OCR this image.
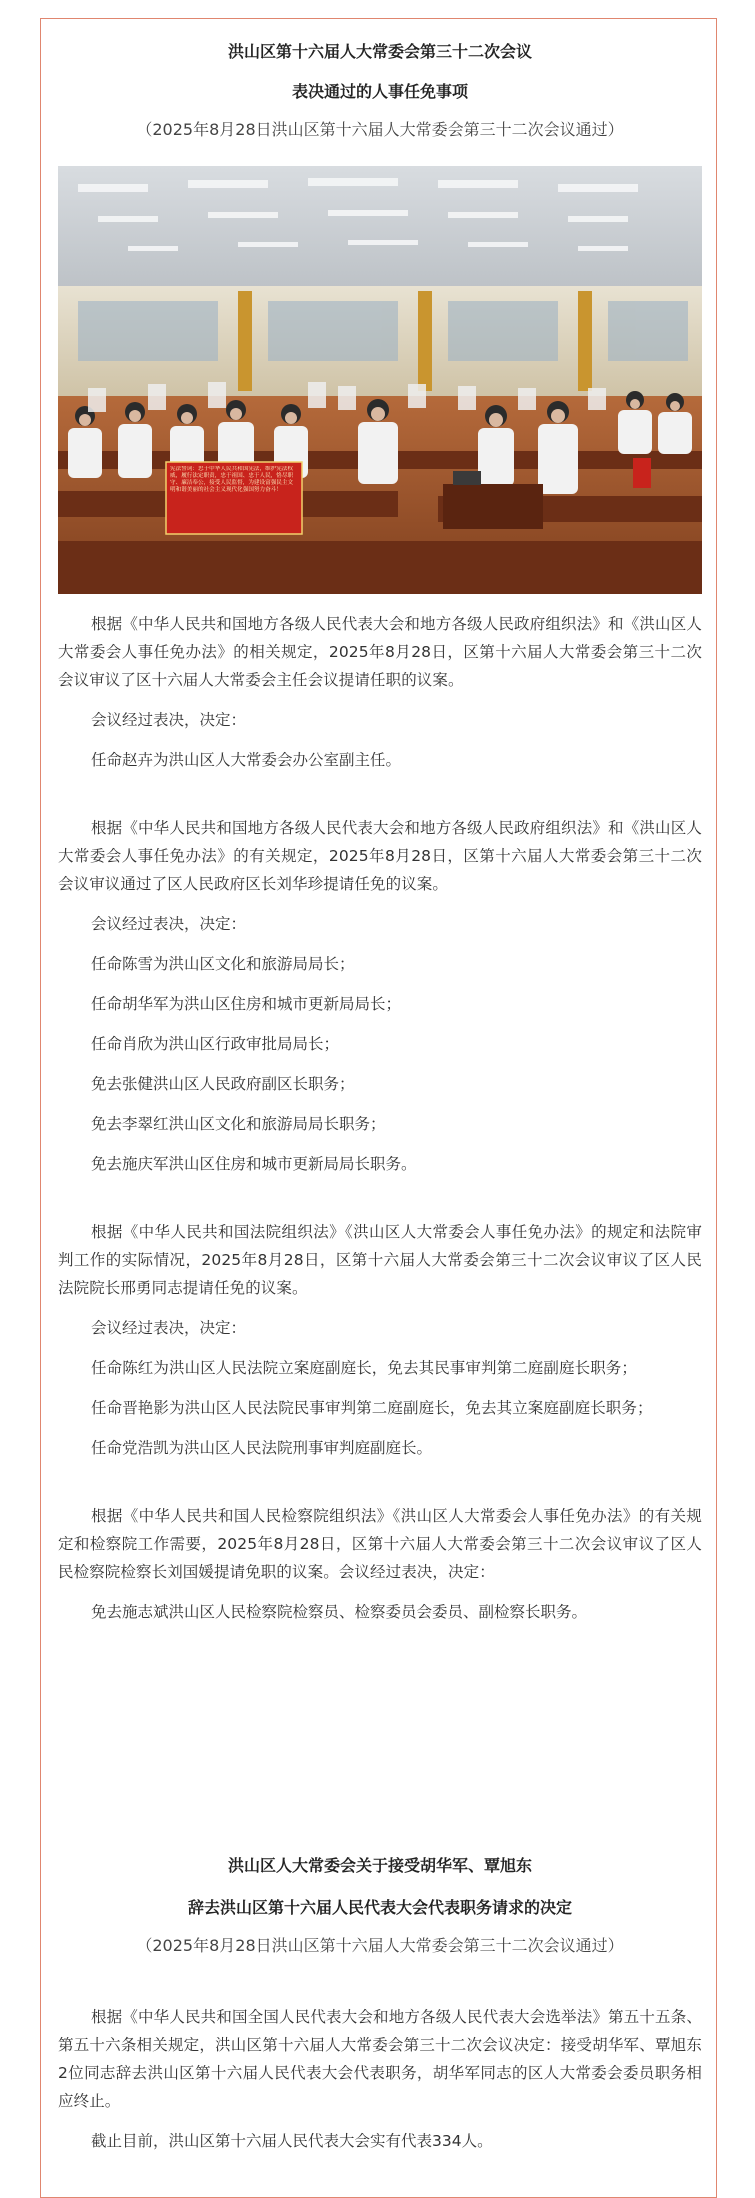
洪山区第十六届人大常委会第三十二次会议
表决通过的人事任免事项
（2025年8月28日洪山区第十六届人大常委会第三十二次会议通过）
宪法誓词：忠于中华人民共和国宪法，维护宪法权威，履行法定职责，忠于祖国、忠于人民，恪尽职守、廉洁奉公，接受人民监督，为建设富强民主文明和谐美丽的社会主义现代化强国努力奋斗！

根据《中华人民共和国地方各级人民代表大会和地方各级人民政府组织法》和《洪山区人大常委会人事任免办法》的相关规定，2025年8月28日，区第十六届人大常委会第三十二次会议审议了区十六届人大常委会主任会议提请任职的议案。

会议经过表决，决定：

任命赵卉为洪山区人大常委会办公室副主任。

根据《中华人民共和国地方各级人民代表大会和地方各级人民政府组织法》和《洪山区人大常委会人事任免办法》的有关规定，2025年8月28日，区第十六届人大常委会第三十二次会议审议通过了区人民政府区长刘华珍提请任免的议案。

会议经过表决，决定：

任命陈雪为洪山区文化和旅游局局长；

任命胡华军为洪山区住房和城市更新局局长；

任命肖欣为洪山区行政审批局局长；

免去张健洪山区人民政府副区长职务；

免去李翠红洪山区文化和旅游局局长职务；

免去施庆军洪山区住房和城市更新局局长职务。

根据《中华人民共和国法院组织法》《洪山区人大常委会人事任免办法》的规定和法院审判工作的实际情况，2025年8月28日，区第十六届人大常委会第三十二次会议审议了区人民法院院长邢勇同志提请任免的议案。

会议经过表决，决定：

任命陈红为洪山区人民法院立案庭副庭长，免去其民事审判第二庭副庭长职务；

任命晋艳影为洪山区人民法院民事审判第二庭副庭长，免去其立案庭副庭长职务；

任命党浩凯为洪山区人民法院刑事审判庭副庭长。

根据《中华人民共和国人民检察院组织法》《洪山区人大常委会人事任免办法》的有关规定和检察院工作需要，2025年8月28日，区第十六届人大常委会第三十二次会议审议了区人民检察院检察长刘国媛提请免职的议案。会议经过表决，决定：

免去施志斌洪山区人民检察院检察员、检察委员会委员、副检察长职务。

洪山区人大常委会关于接受胡华军、覃旭东
辞去洪山区第十六届人民代表大会代表职务请求的决定
（2025年8月28日洪山区第十六届人大常委会第三十二次会议通过）

根据《中华人民共和国全国人民代表大会和地方各级人民代表大会选举法》第五十五条、第五十六条相关规定，洪山区第十六届人大常委会第三十二次会议决定：接受胡华军、覃旭东2位同志辞去洪山区第十六届人民代表大会代表职务，胡华军同志的区人大常委会委员职务相应终止。

截止目前，洪山区第十六届人民代表大会实有代表334人。
